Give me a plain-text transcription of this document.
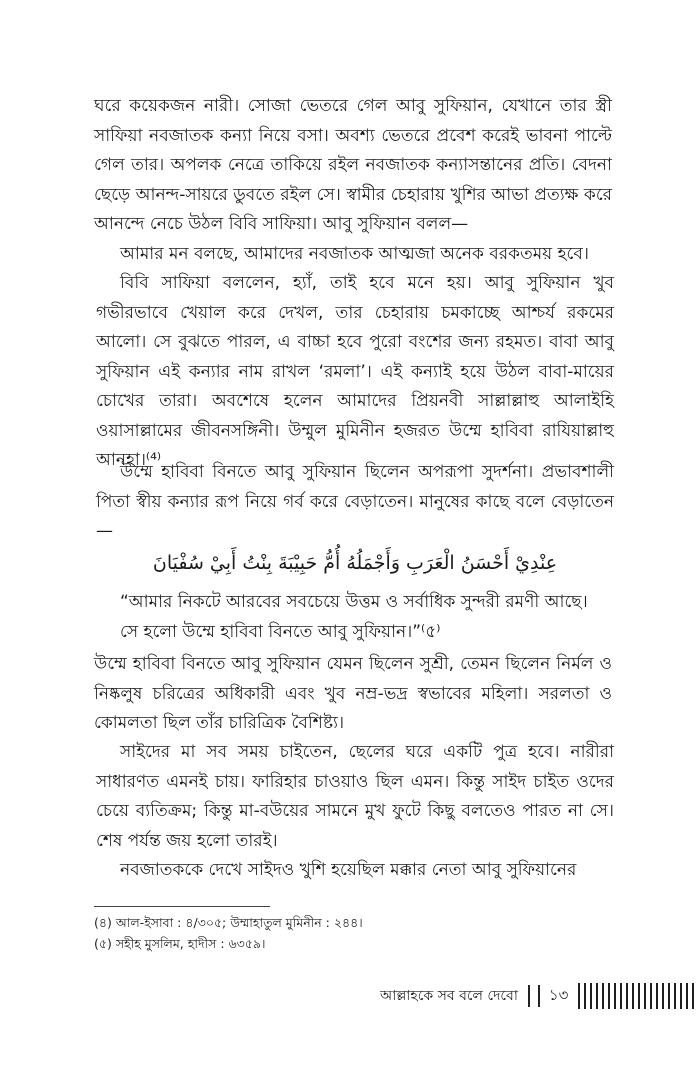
ঘরে কয়েকজন নারী। সোজা ভেতরে গেল আবু সুফিয়ান, যেখানে তার স্ত্রী সাফিয়া নবজাতক কন্যা নিয়ে বসা। অবশ্য ভেতরে প্রবেশ করেই ভাবনা পাল্টে গেল তার। অপলক নেত্রে তাকিয়ে রইল নবজাতক কন্যাসন্তানের প্রতি। বেদনা ছেড়ে আনন্দ-সায়রে ডুবতে রইল সে। স্বামীর চেহারায় খুশির আভা প্রত্যক্ষ করে আনন্দে নেচে উঠল বিবি সাফিয়া। আবু সুফিয়ান বলল—

আমার মন বলছে, আমাদের নবজাতক আত্মজা অনেক বরকতময় হবে।

বিবি সাফিয়া বললেন, হ্যাঁ, তাই হবে মনে হয়। আবু সুফিয়ান খুব গভীরভাবে খেয়াল করে দেখল, তার চেহারায় চমকাচ্ছে আশ্চর্য রকমের আলো। সে বুঝতে পারল, এ বাচ্চা হবে পুরো বংশের জন্য রহমত। বাবা আবু সুফিয়ান এই কন্যার নাম রাখল ‘রমলা’। এই কন্যাই হয়ে উঠল বাবা-মায়ের চোখের তারা। অবশেষে হলেন আমাদের প্রিয়নবী সাল্লাল্লাহু আলাইহি ওয়াসাল্লামের জীবনসঙ্গিনী। উম্মুল মুমিনীন হজরত উম্মে হাবিবা রাযিয়াল্লাহু আনহা।⁽⁴⁾

উম্মে হাবিবা বিনতে আবু সুফিয়ান ছিলেন অপরূপা সুদর্শনা। প্রভাবশালী পিতা স্বীয় কন্যার রূপ নিয়ে গর্ব করে বেড়াতেন। মানুষের কাছে বলে বেড়াতেন—

عِنْدِيْ أَحْسَنُ الْعَرَبِ وَأَجْمَلُهُ أُمُّ حَبِيْبَةَ بِنْتُ أَبِيْ سُفْيَانَ

“আমার নিকটে আরবের সবচেয়ে উত্তম ও সর্বাধিক সুন্দরী রমণী আছে। সে হলো উম্মে হাবিবা বিনতে আবু সুফিয়ান।”⁽৫⁾

উম্মে হাবিবা বিনতে আবু সুফিয়ান যেমন ছিলেন সুশ্রী, তেমন ছিলেন নির্মল ও নিষ্কলুষ চরিত্রের অধিকারী এবং খুব নম্র-ভদ্র স্বভাবের মহিলা। সরলতা ও কোমলতা ছিল তাঁর চারিত্রিক বৈশিষ্ট্য।

সাইদের মা সব সময় চাইতেন, ছেলের ঘরে একটি পুত্র হবে। নারীরা সাধারণত এমনই চায়। ফারিহার চাওয়াও ছিল এমন। কিন্তু সাইদ চাইত ওদের চেয়ে ব্যতিক্রম; কিন্তু মা-বউয়ের সামনে মুখ ফুটে কিছু বলতেও পারত না সে। শেষ পর্যন্ত জয় হলো তারই।

নবজাতককে দেখে সাইদও খুশি হয়েছিল মক্কার নেতা আবু সুফিয়ানের

(৪) আল-ইসাবা : ৪/৩০৫; উম্মাহাতুল মুমিনীন : ২৪৪।

(৫) সহীহ মুসলিম, হাদীস : ৬৩৫৯।

আল্লাহকে সব বলে দেবো ১৩
